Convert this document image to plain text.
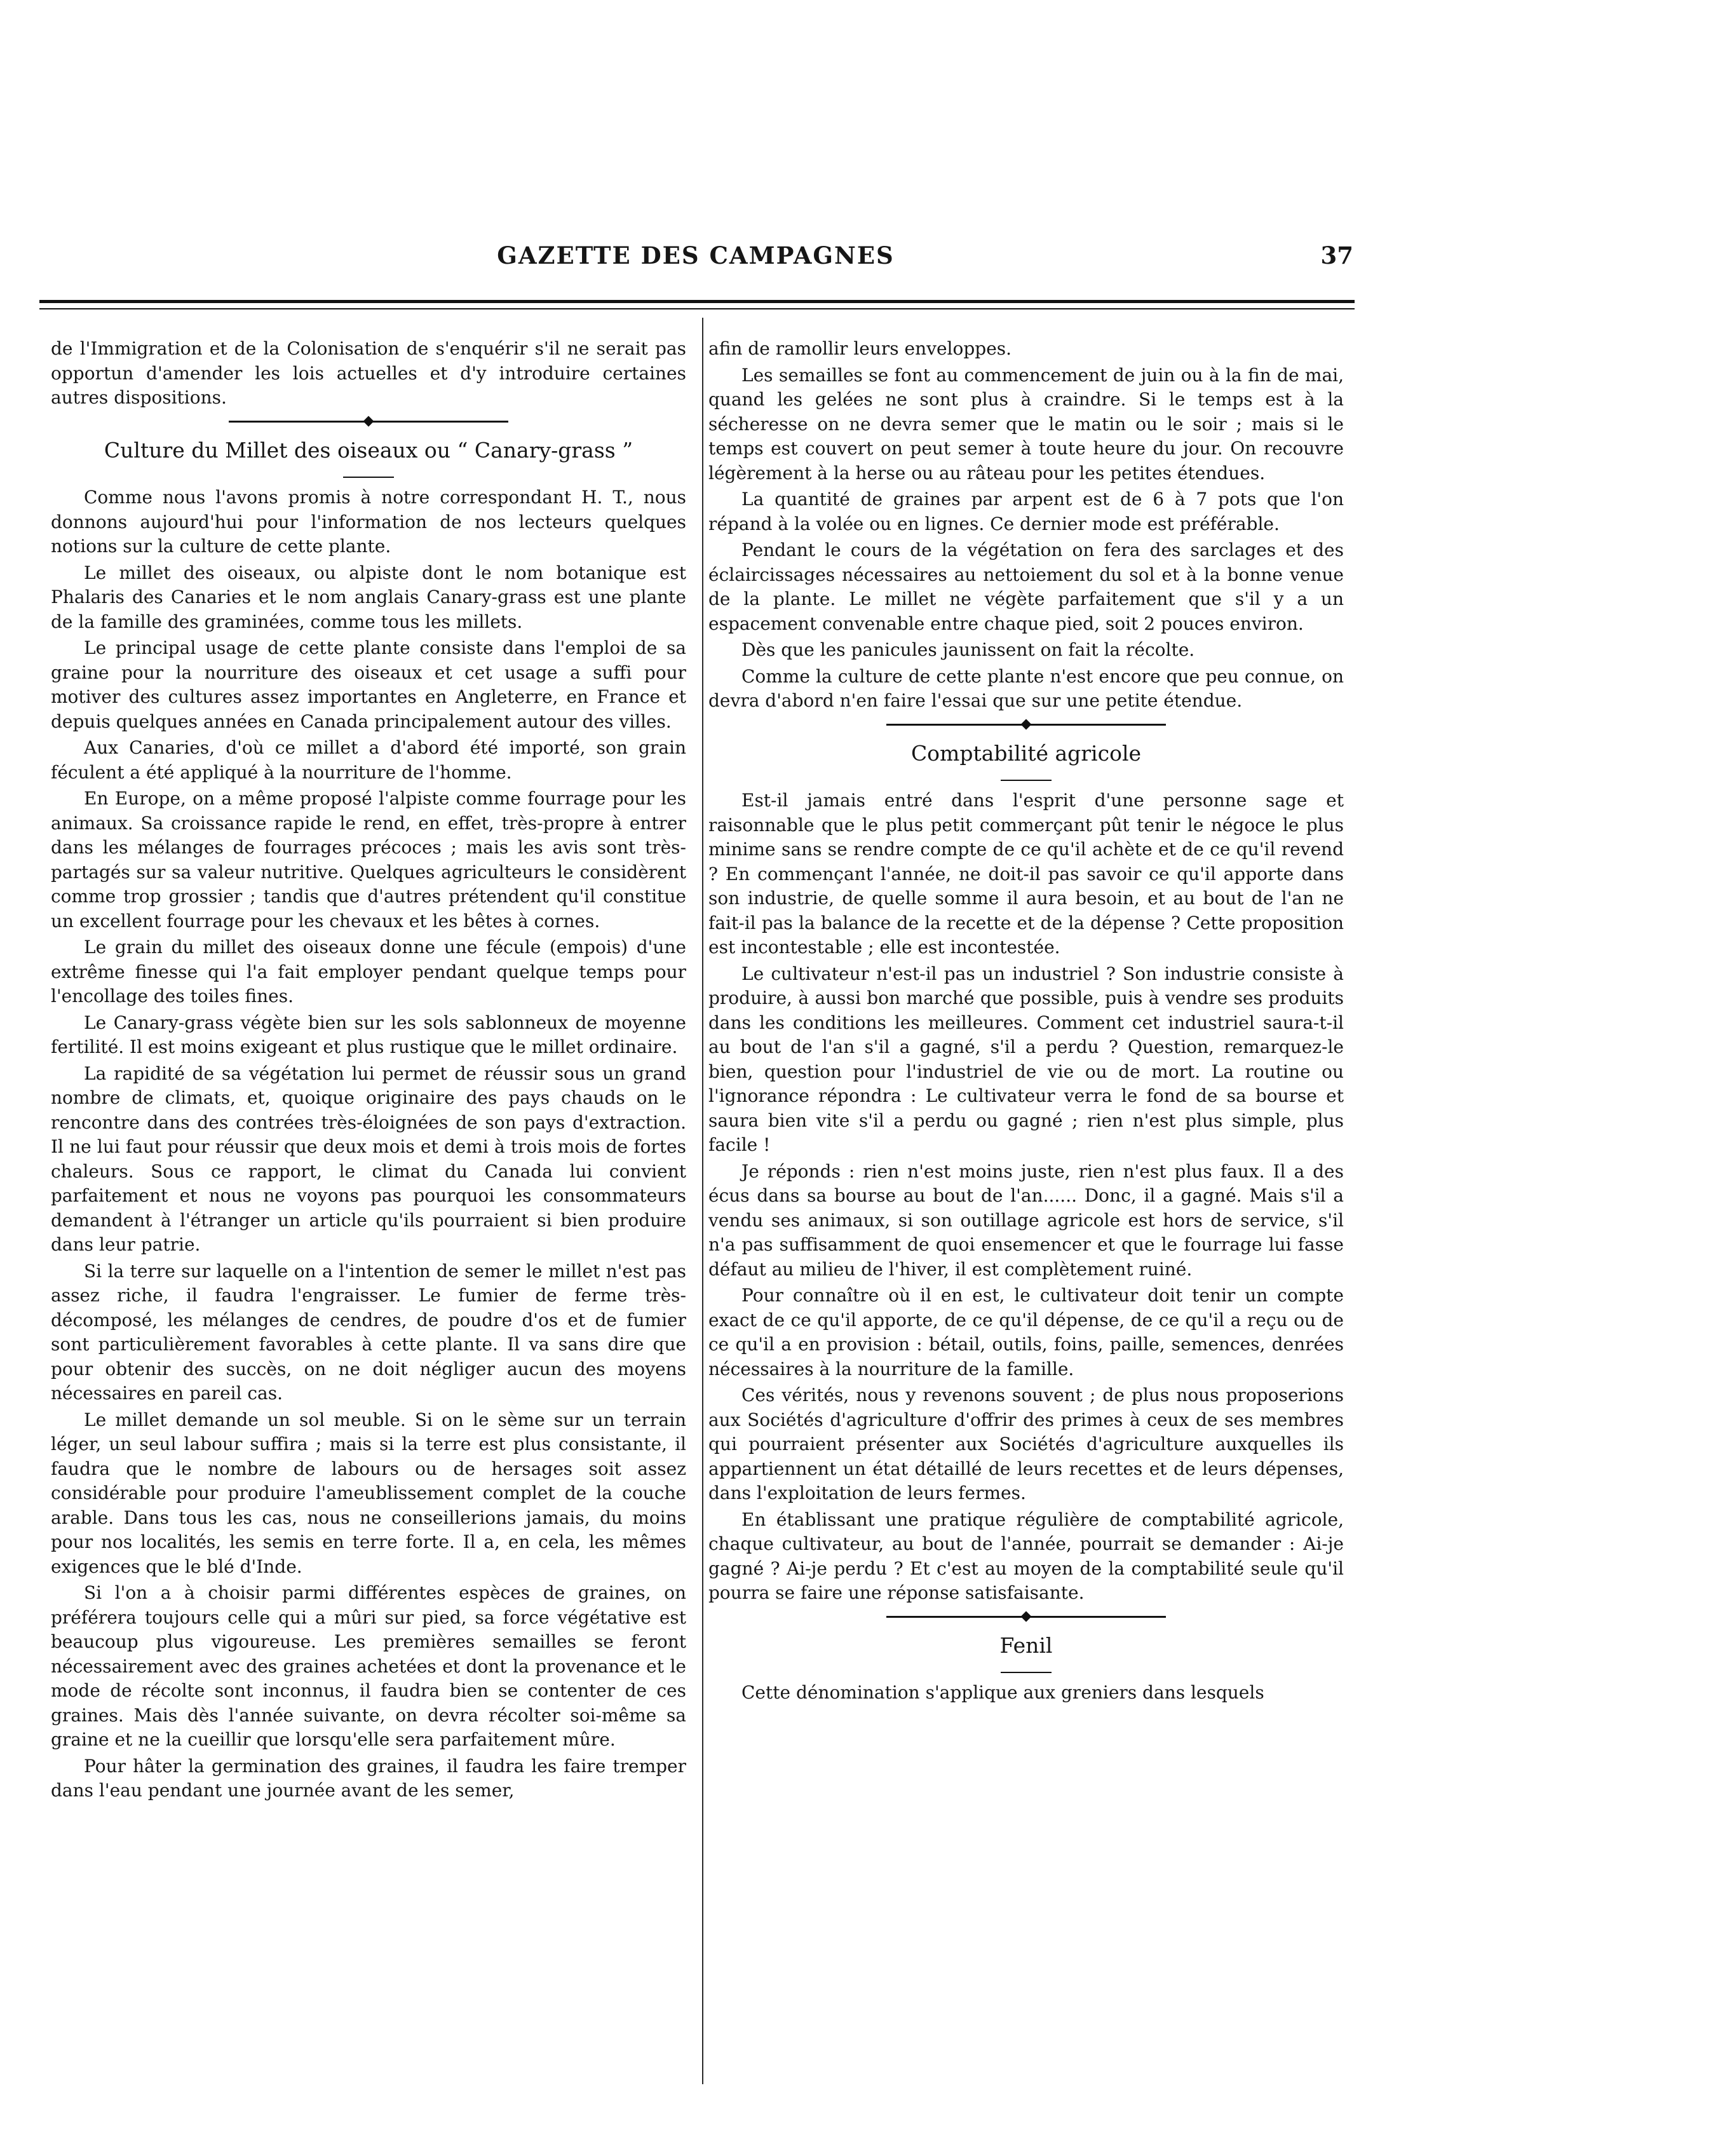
GAZETTE DES CAMPAGNES	37

de l'Immigration et de la Colonisation de s'enquérir s'il ne serait pas opportun d'amender les lois actuelles et d'y introduire certaines autres dispositions.

Culture du Millet des oiseaux ou “ Canary-grass ”

Comme nous l'avons promis à notre correspondant H. T., nous donnons aujourd'hui pour l'information de nos lecteurs quelques notions sur la culture de cette plante.

Le millet des oiseaux, ou alpiste dont le nom botanique est Phalaris des Canaries et le nom anglais Canary-grass est une plante de la famille des graminées, comme tous les millets.

Le principal usage de cette plante consiste dans l'emploi de sa graine pour la nourriture des oiseaux et cet usage a suffi pour motiver des cultures assez importantes en Angleterre, en France et depuis quelques années en Canada principalement autour des villes.

Aux Canaries, d'où ce millet a d'abord été importé, son grain féculent a été appliqué à la nourriture de l'homme.

En Europe, on a même proposé l'alpiste comme fourrage pour les animaux. Sa croissance rapide le rend, en effet, très-propre à entrer dans les mélanges de fourrages précoces ; mais les avis sont très-partagés sur sa valeur nutritive. Quelques agriculteurs le considèrent comme trop grossier ; tandis que d'autres prétendent qu'il constitue un excellent fourrage pour les chevaux et les bêtes à cornes.

Le grain du millet des oiseaux donne une fécule (empois) d'une extrême finesse qui l'a fait employer pendant quelque temps pour l'encollage des toiles fines.

Le Canary-grass végète bien sur les sols sablonneux de moyenne fertilité. Il est moins exigeant et plus rustique que le millet ordinaire.

La rapidité de sa végétation lui permet de réussir sous un grand nombre de climats, et, quoique originaire des pays chauds on le rencontre dans des contrées très-éloignées de son pays d'extraction. Il ne lui faut pour réussir que deux mois et demi à trois mois de fortes chaleurs. Sous ce rapport, le climat du Canada lui convient parfaitement et nous ne voyons pas pourquoi les consommateurs demandent à l'étranger un article qu'ils pourraient si bien produire dans leur patrie.

Si la terre sur laquelle on a l'intention de semer le millet n'est pas assez riche, il faudra l'engraisser. Le fumier de ferme très-décomposé, les mélanges de cendres, de poudre d'os et de fumier sont particulièrement favorables à cette plante. Il va sans dire que pour obtenir des succès, on ne doit négliger aucun des moyens nécessaires en pareil cas.

Le millet demande un sol meuble. Si on le sème sur un terrain léger, un seul labour suffira ; mais si la terre est plus consistante, il faudra que le nombre de labours ou de hersages soit assez considérable pour produire l'ameublissement complet de la couche arable. Dans tous les cas, nous ne conseillerions jamais, du moins pour nos localités, les semis en terre forte. Il a, en cela, les mêmes exigences que le blé d'Inde.

Si l'on a à choisir parmi différentes espèces de graines, on préférera toujours celle qui a mûri sur pied, sa force végétative est beaucoup plus vigoureuse. Les premières semailles se feront nécessairement avec des graines achetées et dont la provenance et le mode de récolte sont inconnus, il faudra bien se contenter de ces graines. Mais dès l'année suivante, on devra récolter soi-même sa graine et ne la cueillir que lorsqu'elle sera parfaitement mûre.

Pour hâter la germination des graines, il faudra les faire tremper dans l'eau pendant une journée avant de les semer,

afin de ramollir leurs enveloppes.

Les semailles se font au commencement de juin ou à la fin de mai, quand les gelées ne sont plus à craindre. Si le temps est à la sécheresse on ne devra semer que le matin ou le soir ; mais si le temps est couvert on peut semer à toute heure du jour. On recouvre légèrement à la herse ou au râteau pour les petites étendues.

La quantité de graines par arpent est de 6 à 7 pots que l'on répand à la volée ou en lignes. Ce dernier mode est préférable.

Pendant le cours de la végétation on fera des sarclages et des éclaircissages nécessaires au nettoiement du sol et à la bonne venue de la plante. Le millet ne végète parfaitement que s'il y a un espacement convenable entre chaque pied, soit 2 pouces environ.

Dès que les panicules jaunissent on fait la récolte.

Comme la culture de cette plante n'est encore que peu connue, on devra d'abord n'en faire l'essai que sur une petite étendue.

Comptabilité agricole

Est-il jamais entré dans l'esprit d'une personne sage et raisonnable que le plus petit commerçant pût tenir le négoce le plus minime sans se rendre compte de ce qu'il achète et de ce qu'il revend ? En commençant l'année, ne doit-il pas savoir ce qu'il apporte dans son industrie, de quelle somme il aura besoin, et au bout de l'an ne fait-il pas la balance de la recette et de la dépense ? Cette proposition est incontestable ; elle est incontestée.

Le cultivateur n'est-il pas un industriel ? Son industrie consiste à produire, à aussi bon marché que possible, puis à vendre ses produits dans les conditions les meilleures. Comment cet industriel saura-t-il au bout de l'an s'il a gagné, s'il a perdu ? Question, remarquez-le bien, question pour l'industriel de vie ou de mort. La routine ou l'ignorance répondra : Le cultivateur verra le fond de sa bourse et saura bien vite s'il a perdu ou gagné ; rien n'est plus simple, plus facile !

Je réponds : rien n'est moins juste, rien n'est plus faux. Il a des écus dans sa bourse au bout de l'an...... Donc, il a gagné. Mais s'il a vendu ses animaux, si son outillage agricole est hors de service, s'il n'a pas suffisamment de quoi ensemencer et que le fourrage lui fasse défaut au milieu de l'hiver, il est complètement ruiné.

Pour connaître où il en est, le cultivateur doit tenir un compte exact de ce qu'il apporte, de ce qu'il dépense, de ce qu'il a reçu ou de ce qu'il a en provision : bétail, outils, foins, paille, semences, denrées nécessaires à la nourriture de la famille.

Ces vérités, nous y revenons souvent ; de plus nous proposerions aux Sociétés d'agriculture d'offrir des primes à ceux de ses membres qui pourraient présenter aux Sociétés d'agriculture auxquelles ils appartiennent un état détaillé de leurs recettes et de leurs dépenses, dans l'exploitation de leurs fermes.

En établissant une pratique régulière de comptabilité agricole, chaque cultivateur, au bout de l'année, pourrait se demander : Ai-je gagné ? Ai-je perdu ? Et c'est au moyen de la comptabilité seule qu'il pourra se faire une réponse satisfaisante.

Fenil

Cette dénomination s'applique aux greniers dans lesquels
